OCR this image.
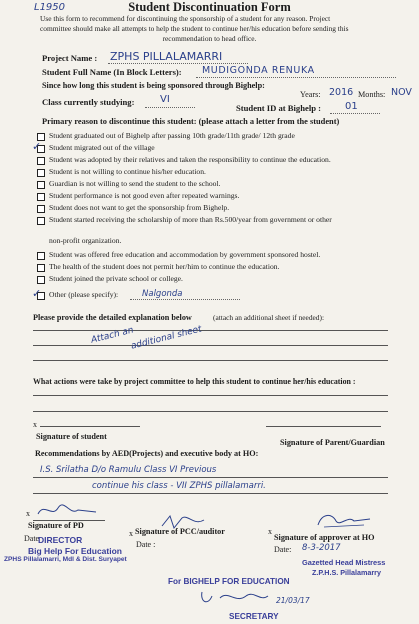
L1950	Student Discontinuation Form
Use this form to recommend for discontinuing the sponsorship of a student for any reason. Project
committee should make all attempts to help the student to continue her/his education before sending this
recommendation to head office.
Project Name : ZPHS PILLALAMARRI
Student Full Name (In Block Letters): MUDIGONDA RENUKA
Since how long this student is being sponsored through Bighelp:
Years: 2016 Months: NOV
Class currently studying:	VI
Student ID at Bighelp : 01
Primary reason to discontinue this student: (please attach a letter from the student)
Student graduated out of Bighelp after passing 10th grade/11th grade/ 12th grade
✓ Student migrated out of the village
Student was adopted by their relatives and taken the responsibility to continue the education.
Student is not willing to continue his/her education.
Guardian is not willing to send the student to the school.
Student performance is not good even after repeated warnings.
Student does not want to get the sponsorship from Bighelp.
Student started receiving the scholarship of more than Rs.500/year from government or other
Student was offered free education and accommodation by government sponsored hostel.
The health of the student does not permit her/him to continue the education.
Student joined the private school or college.
✓ Other (please specify):
non-profit organization.
Nalgonda
Please provide the detailed explanation below	(attach an additional sheet if needed):
Attach an
additional sheet
What actions were take by project committee to help this student to continue her/his education :
x
Signature of student
Signature of Parent/Guardian
Recommendations by AED(Projects) and executive body at HO:
I.S. Srilatha D/o Ramulu Class VI Previous
continue his class - VII ZPHS pillalamarri.
x
Signature of PD
Date
x Signature of PCC/auditor
Date :
x
Signature of approver at HO
Date: 8-3-2017
DIRECTOR
Big Help For Education
ZPHS Pillalamarri, Mdl & Dist. Suryapet	Gazetted Head Mistress
Z.P.H.S. Pillalamarry
For BIGHELP FOR EDUCATION
21/03/17
SECRETARY
